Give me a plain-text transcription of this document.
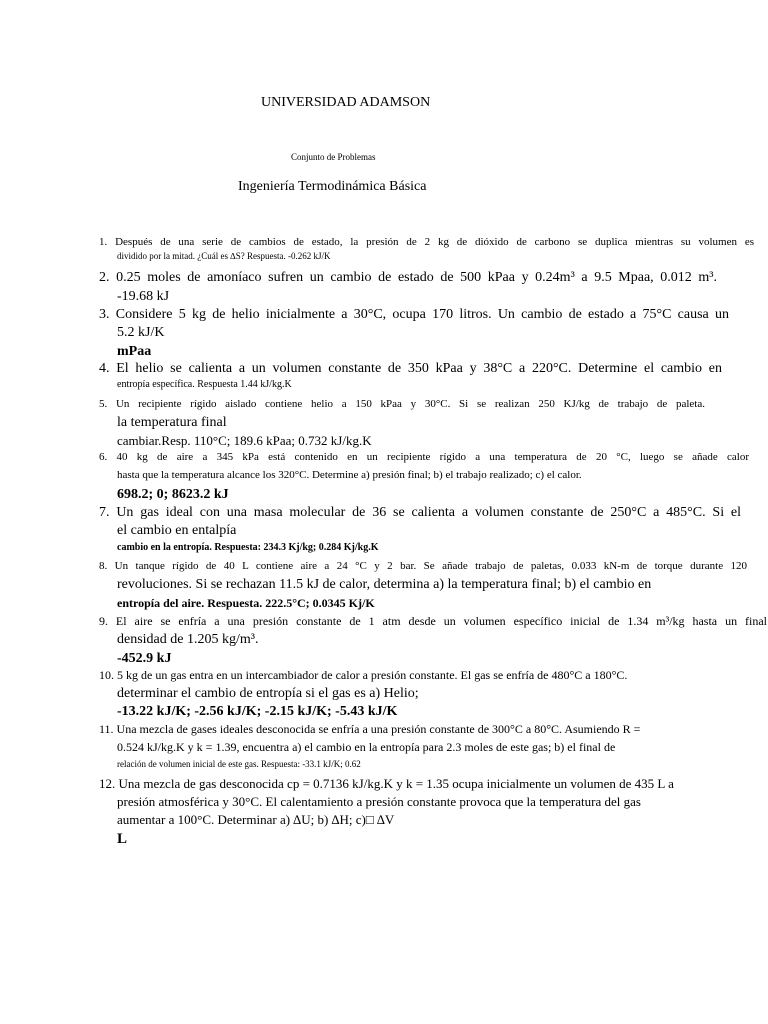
UNIVERSIDAD ADAMSON
Conjunto de Problemas
Ingeniería Termodinámica Básica
1. Después de una serie de cambios de estado, la presión de 2 kg de dióxido de carbono se duplica mientras su volumen es
dividido por la mitad. ¿Cuál es ∆S? Respuesta. -0.262 kJ/K
2. 0.25 moles de amoníaco sufren un cambio de estado de 500 kPaa y 0.24m³ a 9.5 Mpaa, 0.012 m³.
-19.68 kJ
3. Considere 5 kg de helio inicialmente a 30°C, ocupa 170 litros. Un cambio de estado a 75°C causa un
5.2 kJ/K
mPaa
4. El helio se calienta a un volumen constante de 350 kPaa y 38°C a 220°C. Determine el cambio en
entropía específica. Respuesta 1.44 kJ/kg.K
5. Un recipiente rígido aislado contiene helio a 150 kPaa y 30°C. Si se realizan 250 KJ/kg de trabajo de paleta.
la temperatura final
cambiar.Resp. 110°C; 189.6 kPaa; 0.732 kJ/kg.K
6. 40 kg de aire a 345 kPa está contenido en un recipiente rígido a una temperatura de 20 °C, luego se añade calor
hasta que la temperatura alcance los 320°C. Determine a) presión final; b) el trabajo realizado; c) el calor.
698.2; 0; 8623.2 kJ
7. Un gas ideal con una masa molecular de 36 se calienta a volumen constante de 250°C a 485°C. Si el
el cambio en entalpía
cambio en la entropía. Respuesta: 234.3 Kj/kg; 0.284 Kj/kg.K
8. Un tanque rígido de 40 L contiene aire a 24 °C y 2 bar. Se añade trabajo de paletas, 0.033 kN-m de torque durante 120
revoluciones. Si se rechazan 11.5 kJ de calor, determina a) la temperatura final; b) el cambio en
entropía del aire. Respuesta. 222.5°C; 0.0345 Kj/K
9. El aire se enfría a una presión constante de 1 atm desde un volumen específico inicial de 1.34 m³/kg hasta un final
densidad de 1.205 kg/m³.
-452.9 kJ
10. 5 kg de un gas entra en un intercambiador de calor a presión constante. El gas se enfría de 480°C a 180°C.
determinar el cambio de entropía si el gas es a) Helio;
-13.22 kJ/K; -2.56 kJ/K; -2.15 kJ/K; -5.43 kJ/K
11. Una mezcla de gases ideales desconocida se enfría a una presión constante de 300°C a 80°C. Asumiendo R =
0.524 kJ/kg.K y k = 1.39, encuentra a) el cambio en la entropía para 2.3 moles de este gas; b) el final de
relación de volumen inicial de este gas. Respuesta: -33.1 kJ/K; 0.62
12. Una mezcla de gas desconocida cp = 0.7136 kJ/kg.K y k = 1.35 ocupa inicialmente un volumen de 435 L a
presión atmosférica y 30°C. El calentamiento a presión constante provoca que la temperatura del gas
aumentar a 100°C. Determinar a) ∆U; b) ∆H; c)□ ∆V
L
